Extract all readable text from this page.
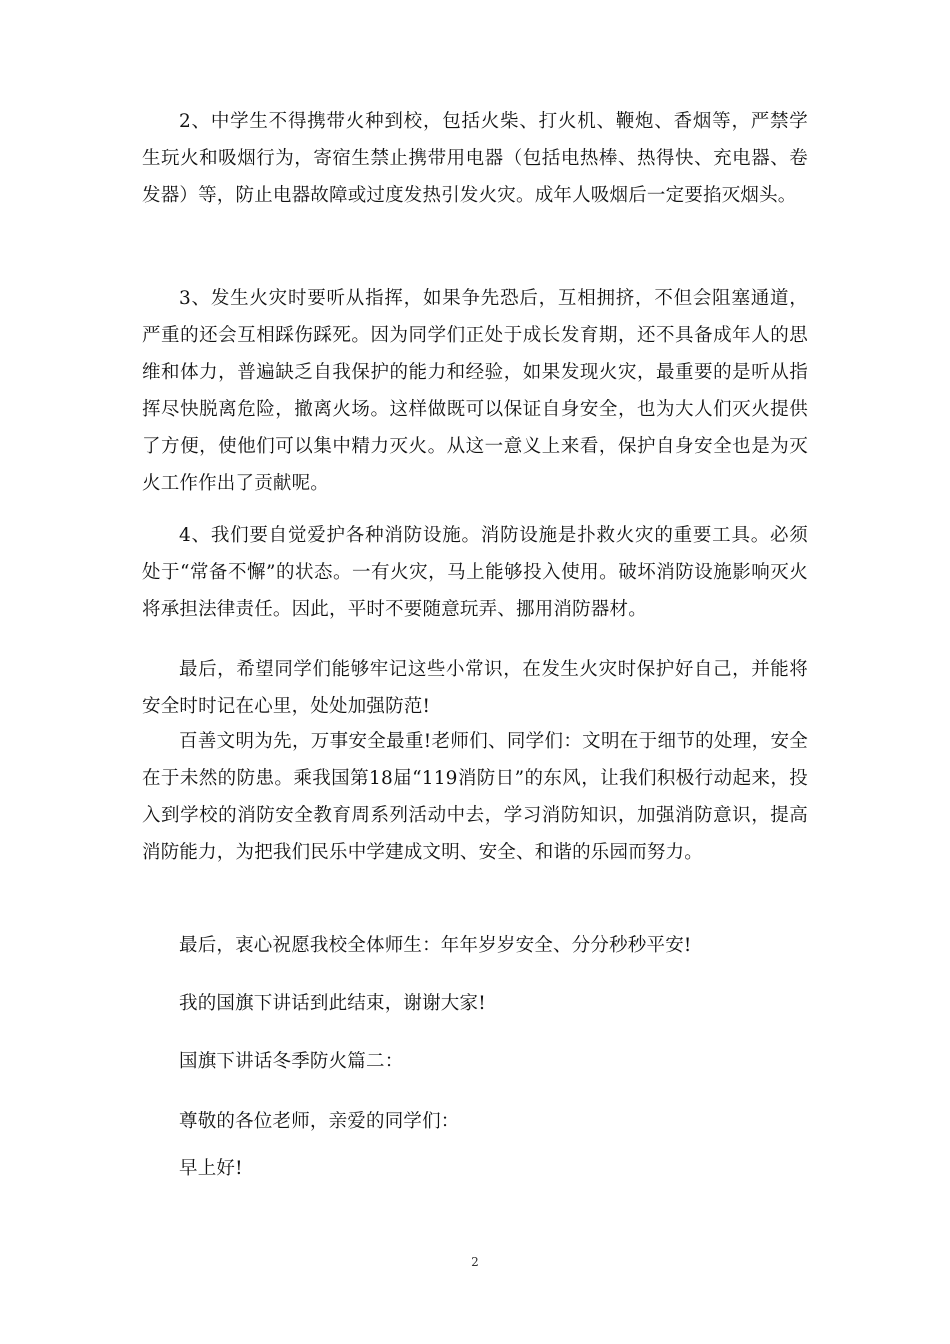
2、中学生不得携带火种到校，包括火柴、打火机、鞭炮、香烟等，严禁学生玩火和吸烟行为，寄宿生禁止携带用电器（包括电热棒、热得快、充电器、卷发器）等，防止电器故障或过度发热引发火灾。成年人吸烟后一定要掐灭烟头。

3、发生火灾时要听从指挥，如果争先恐后，互相拥挤，不但会阻塞通道，严重的还会互相踩伤踩死。因为同学们正处于成长发育期，还不具备成年人的思维和体力，普遍缺乏自我保护的能力和经验，如果发现火灾，最重要的是听从指挥尽快脱离危险，撤离火场。这样做既可以保证自身安全，也为大人们灭火提供了方便，使他们可以集中精力灭火。从这一意义上来看，保护自身安全也是为灭火工作作出了贡献呢。

4、我们要自觉爱护各种消防设施。消防设施是扑救火灾的重要工具。必须处于“常备不懈”的状态。一有火灾，马上能够投入使用。破坏消防设施影响灭火将承担法律责任。因此，平时不要随意玩弄、挪用消防器材。

最后，希望同学们能够牢记这些小常识，在发生火灾时保护好自己，并能将安全时时记在心里，处处加强防范!

百善文明为先，万事安全最重!老师们、同学们：文明在于细节的处理，安全在于未然的防患。乘我国第18届“119消防日”的东风，让我们积极行动起来，投入到学校的消防安全教育周系列活动中去，学习消防知识，加强消防意识，提高消防能力，为把我们民乐中学建成文明、安全、和谐的乐园而努力。

最后，衷心祝愿我校全体师生：年年岁岁安全、分分秒秒平安!

我的国旗下讲话到此结束，谢谢大家!

国旗下讲话冬季防火篇二：

尊敬的各位老师，亲爱的同学们：

早上好!

2
